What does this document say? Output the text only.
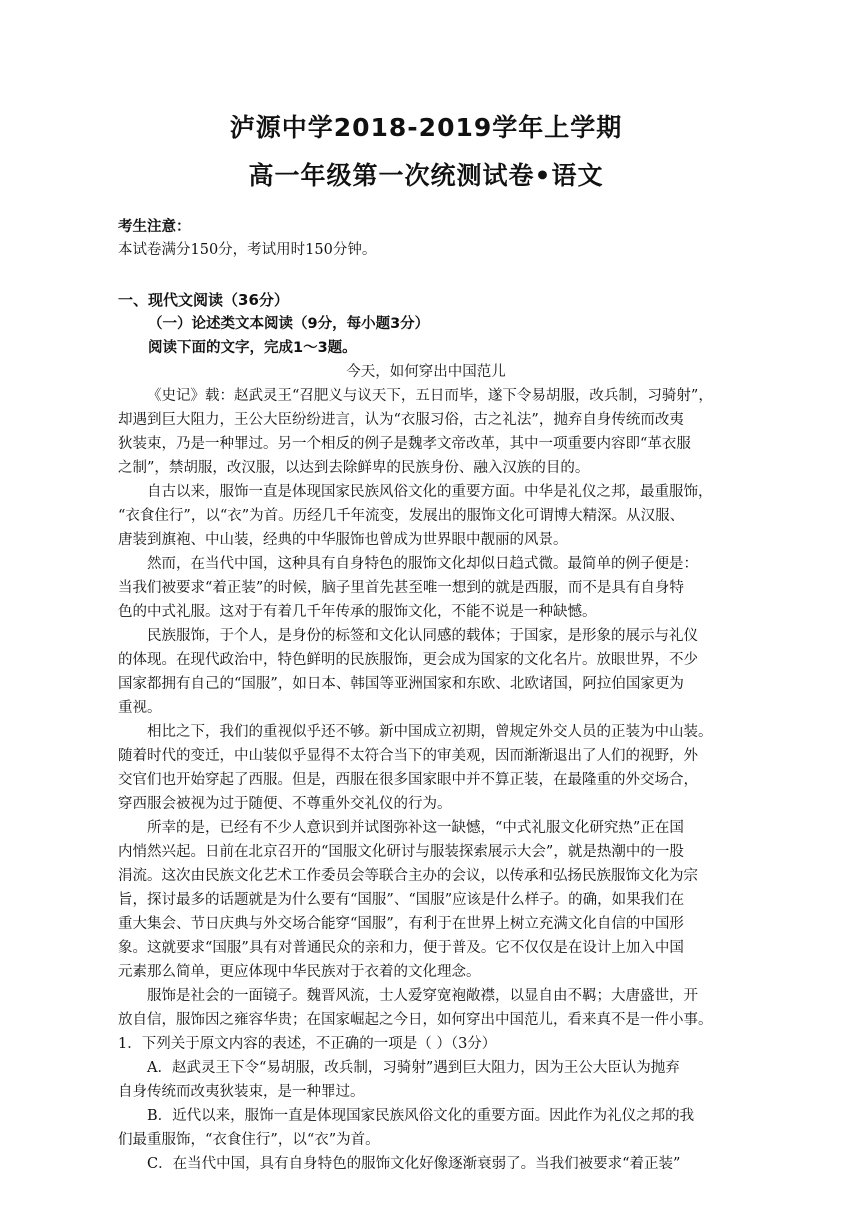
泸源中学2018-2019学年上学期
高一年级第一次统测试卷•语文

考生注意：

本试卷满分150分，考试用时150分钟。

一、现代文阅读（36分）

（一）论述类文本阅读（9分，每小题3分）

阅读下面的文字，完成1～3题。

今天，如何穿出中国范儿

《史记》载：赵武灵王“召肥义与议天下，五日而毕，遂下令易胡服，改兵制，习骑射”，
却遇到巨大阻力，王公大臣纷纷进言，认为“衣服习俗，古之礼法”，抛弃自身传统而改夷
狄装束，乃是一种罪过。另一个相反的例子是魏孝文帝改革，其中一项重要内容即“革衣服
之制”，禁胡服，改汉服，以达到去除鲜卑的民族身份、融入汉族的目的。

自古以来，服饰一直是体现国家民族风俗文化的重要方面。中华是礼仪之邦，最重服饰，
“衣食住行”，以“衣”为首。历经几千年流变，发展出的服饰文化可谓博大精深。从汉服、
唐装到旗袍、中山装，经典的中华服饰也曾成为世界眼中靓丽的风景。

然而，在当代中国，这种具有自身特色的服饰文化却似日趋式微。最简单的例子便是：
当我们被要求“着正装”的时候，脑子里首先甚至唯一想到的就是西服，而不是具有自身特
色的中式礼服。这对于有着几千年传承的服饰文化，不能不说是一种缺憾。

民族服饰，于个人，是身份的标签和文化认同感的载体；于国家，是形象的展示与礼仪
的体现。在现代政治中，特色鲜明的民族服饰，更会成为国家的文化名片。放眼世界，不少
国家都拥有自己的“国服”，如日本、韩国等亚洲国家和东欧、北欧诸国，阿拉伯国家更为
重视。

相比之下，我们的重视似乎还不够。新中国成立初期，曾规定外交人员的正装为中山装。
随着时代的变迁，中山装似乎显得不太符合当下的审美观，因而渐渐退出了人们的视野，外
交官们也开始穿起了西服。但是，西服在很多国家眼中并不算正装，在最隆重的外交场合，
穿西服会被视为过于随便、不尊重外交礼仪的行为。

所幸的是，已经有不少人意识到并试图弥补这一缺憾，“中式礼服文化研究热”正在国
内悄然兴起。日前在北京召开的“国服文化研讨与服装探索展示大会”，就是热潮中的一股
涓流。这次由民族文化艺术工作委员会等联合主办的会议，以传承和弘扬民族服饰文化为宗
旨，探讨最多的话题就是为什么要有“国服”、“国服”应该是什么样子。的确，如果我们在
重大集会、节日庆典与外交场合能穿“国服”，有利于在世界上树立充满文化自信的中国形
象。这就要求“国服”具有对普通民众的亲和力，便于普及。它不仅仅是在设计上加入中国
元素那么简单，更应体现中华民族对于衣着的文化理念。

服饰是社会的一面镜子。魏晋风流，士人爱穿宽袍敞襟，以显自由不羁；大唐盛世，开
放自信，服饰因之雍容华贵；在国家崛起之今日，如何穿出中国范儿，看来真不是一件小事。

1．下列关于原文内容的表述，不正确的一项是（ ）（3分）

A．赵武灵王下令“易胡服，改兵制，习骑射”遇到巨大阻力，因为王公大臣认为抛弃
自身传统而改夷狄装束，是一种罪过。

B．近代以来，服饰一直是体现国家民族风俗文化的重要方面。因此作为礼仪之邦的我
们最重服饰，“衣食住行”，以“衣”为首。

C．在当代中国，具有自身特色的服饰文化好像逐渐衰弱了。当我们被要求“着正装”
